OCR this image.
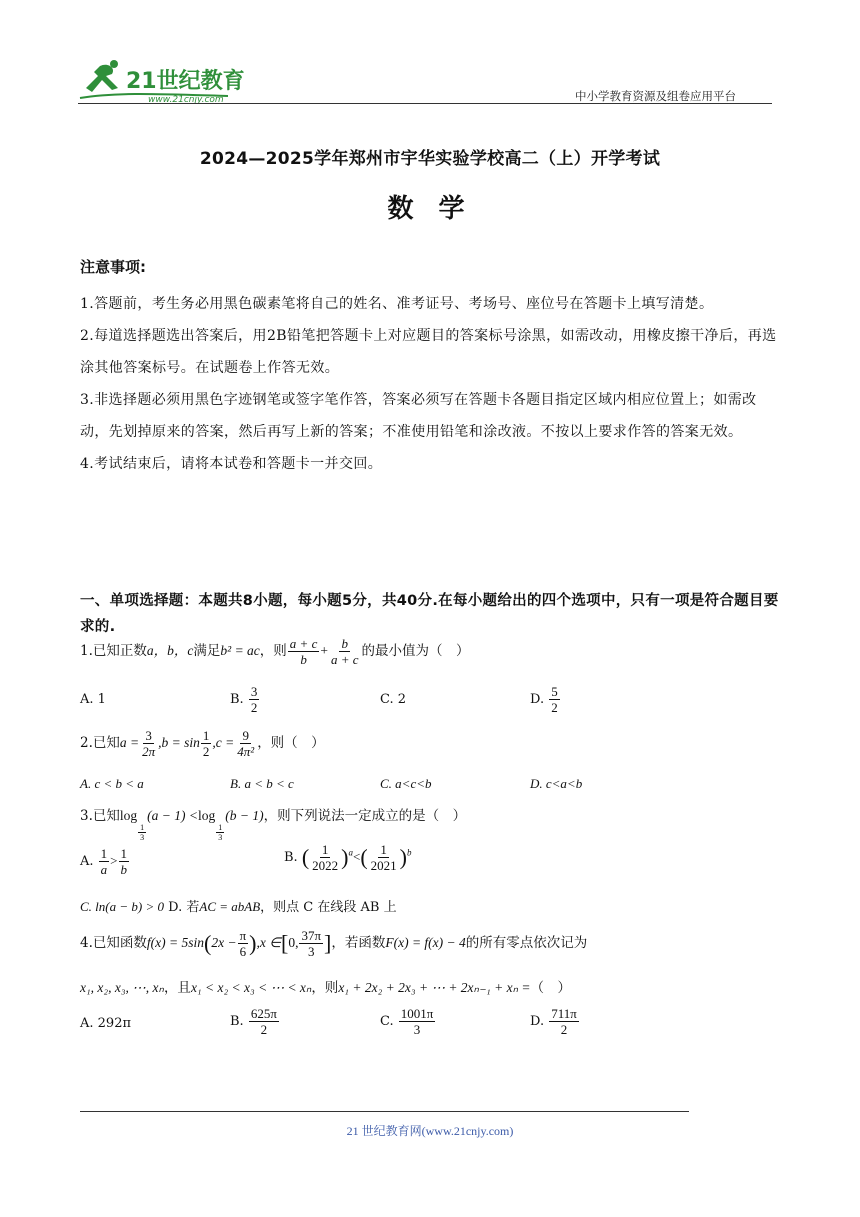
21世纪教育
www.21cnjy.com	中小学教育资源及组卷应用平台
2024—2025学年郑州市宇华实验学校高二（上）开学考试
数 学
注意事项:

1.答题前，考生务必用黑色碳素笔将自己的姓名、准考证号、考场号、座位号在答题卡上填写清楚。

2.每道选择题选出答案后，用2B铅笔把答题卡上对应题目的答案标号涂黑，如需改动，用橡皮擦干净后，再选涂其他答案标号。在试题卷上作答无效。

3.非选择题必须用黑色字迹钢笔或签字笔作答，答案必须写在答题卡各题目指定区域内相应位置上；如需改动，先划掉原来的答案，然后再写上新的答案；不准使用铅笔和涂改液。不按以上要求作答的答案无效。

4.考试结束后，请将本试卷和答题卡一并交回。

一、单项选择题：本题共8小题，每小题5分，共40分.在每小题给出的四个选项中，只有一项是符合题目要求的.
1.已知正数a，b，c满足b² = ac，则 $\frac{a + c}{b} + \frac{b}{a + c}$ 的最小值为（　）
A. 1	B. $\frac{3}{2}$	C. 2	D. $\frac{5}{2}$
2.已知$a = \frac{3}{2\pi} ,b = \sin \frac{1}{2} ,c = \frac{9}{\text{4π²}}$ ，则（　）
A. c < b < a	B. a < b < c	C. a<c<b	D. c<a<b
3.已知log
$\frac{1}{3}$
(a − 1) <log
$\frac{1}{3}$
(b − 1)，则下列说法一定成立的是（　）
A. $\frac{1}{a} > \frac{1}{b}$	B. ( $\frac{1}{2022} )^a<( \frac{1}{2021} )^b$
C. ln(a − b) > 0 D. 若AC = abAB，则点 C 在线段 AB 上
4.已知函数$f(x) = 5\sin(2x - \frac{\pi}{6} ),x$ ∈[0, $\frac{37\pi}{3}$ ]，若函数F(x) = f(x) − 4的所有零点依次记为
x₁, x₂, x₃, ⋯, xₙ，且x₁ < x₂ < x₃ < ⋯ < xₙ，则x₁ + 2x₂ + 2x₃ + ⋯ + 2xₙ₋₁ + xₙ =（　）
A. 292π	B. $\frac{625\pi}{2}$	C. $\frac{1001\pi}{3}$	D. $\frac{711\pi}{2}$
21 世纪教育网(www.21cnjy.com)
